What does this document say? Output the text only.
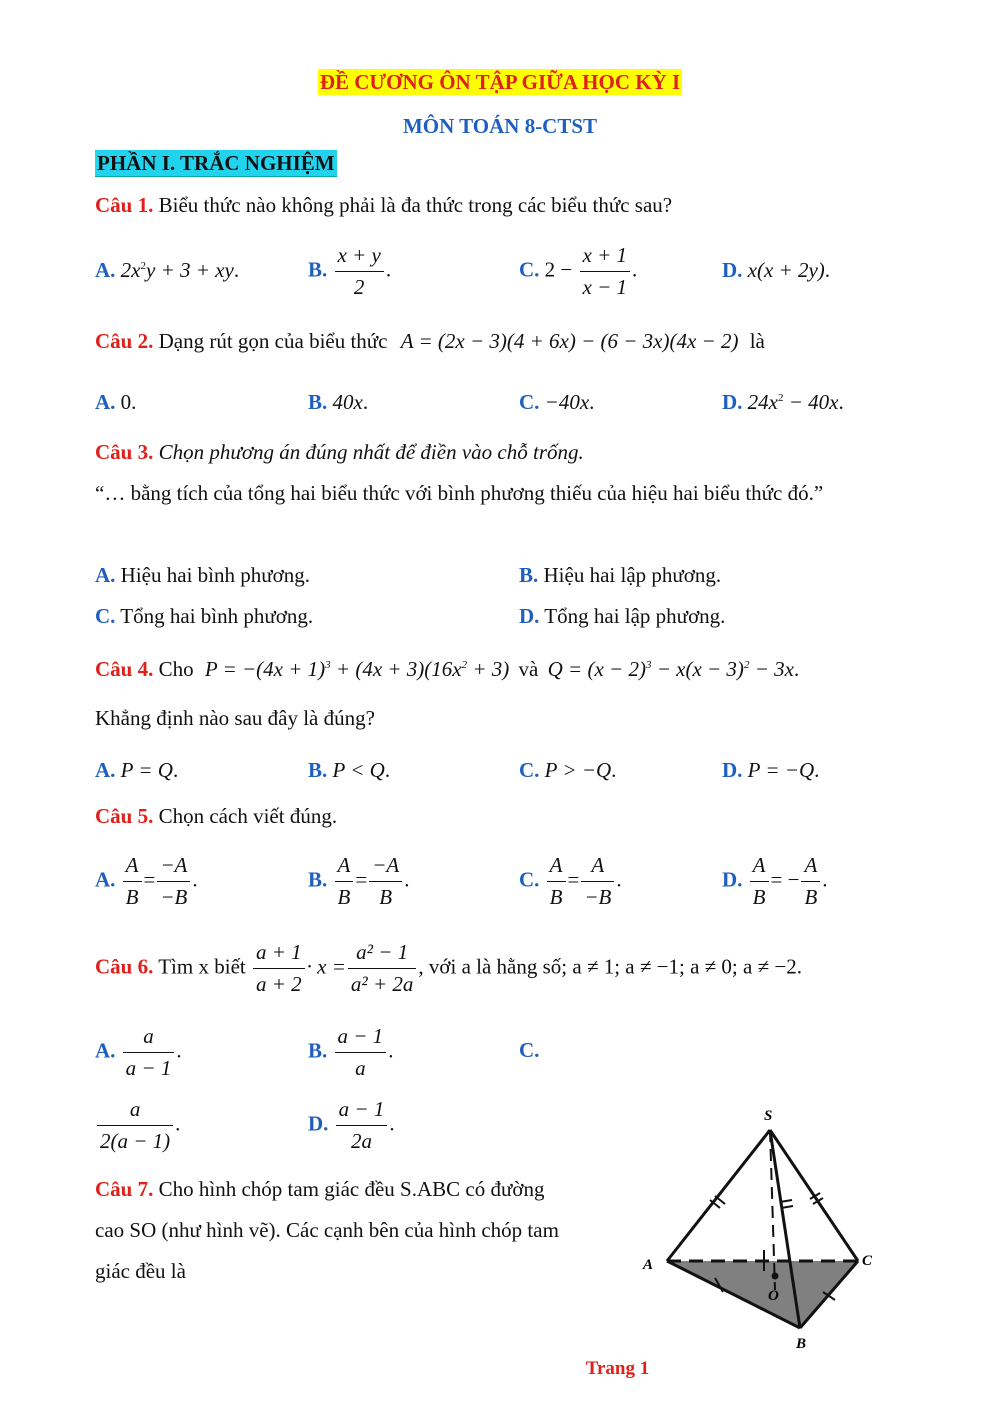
ĐỀ CƯƠNG ÔN TẬP GIỮA HỌC KỲ I
MÔN TOÁN 8-CTST
PHẦN I. TRẮC NGHIỆM
Câu 1. Biểu thức nào không phải là đa thức trong các biểu thức sau?
A. $2x^2y + 3$ + xy.	B. $\frac{x + y}{2}$ .	C. $2 - \frac{x + 1}{x - 1}$ .	D. x(x + 2y).
Câu 2. Dạng rút gọn của biểu thức A = (2x − 3)(4 + 6x) − (6 − 3x)(4x − 2) là
A. 0.	B. 40x.	C. −40x.	D. $24x^2 - 40x$.
Câu 3. Chọn phương án đúng nhất để điền vào chỗ trống.
“… bằng tích của tổng hai biểu thức với bình phương thiếu của hiệu hai biểu thức đó.”
A. Hiệu hai bình phương.	B. Hiệu hai lập phương.
C. Tổng hai bình phương.	D. Tổng hai lập phương.
Câu 4. Cho $P = -(4x + 1)^3 + (4x + 3)(16x^2 + 3)$ và $Q = (x - 2)^3 - x(x - 3)^2 - 3x$.
Khẳng định nào sau đây là đúng?
A. P = Q.	B. P < Q.	C. P > −Q.	D. P = −Q.
Câu 5. Chọn cách viết đúng.
A. $\frac{A}{B} = \frac{-A}{-B}$ .	B. $\frac{A}{B} = \frac{-A}{B}$ .	C. $\frac{A}{B} = \frac{A}{-B}$ .	D. $\frac{A}{B}$ = − $\frac{A}{B}$ .
Câu 6. Tìm x biết $\frac{a + 1}{a + 2} \cdot x = \frac{\text{a² − 1}}{\text{a² + 2a}}$ , với a là hằng số; a ≠ 1; a ≠ −1; a ≠ 0; a ≠ −2.
A. $\frac{a}{a - 1}$ .	B. $\frac{a - 1}{a}$ .	C.
$\frac{a}{2(a - 1)}$ .	D. $\frac{a - 1}{2a}$ .
Câu 7. Cho hình chóp tam giác đều S.ABC có đường
cao SO (như hình vẽ). Các cạnh bên của hình chóp tam
giác đều là
S
A	C
O
B
Trang 1
